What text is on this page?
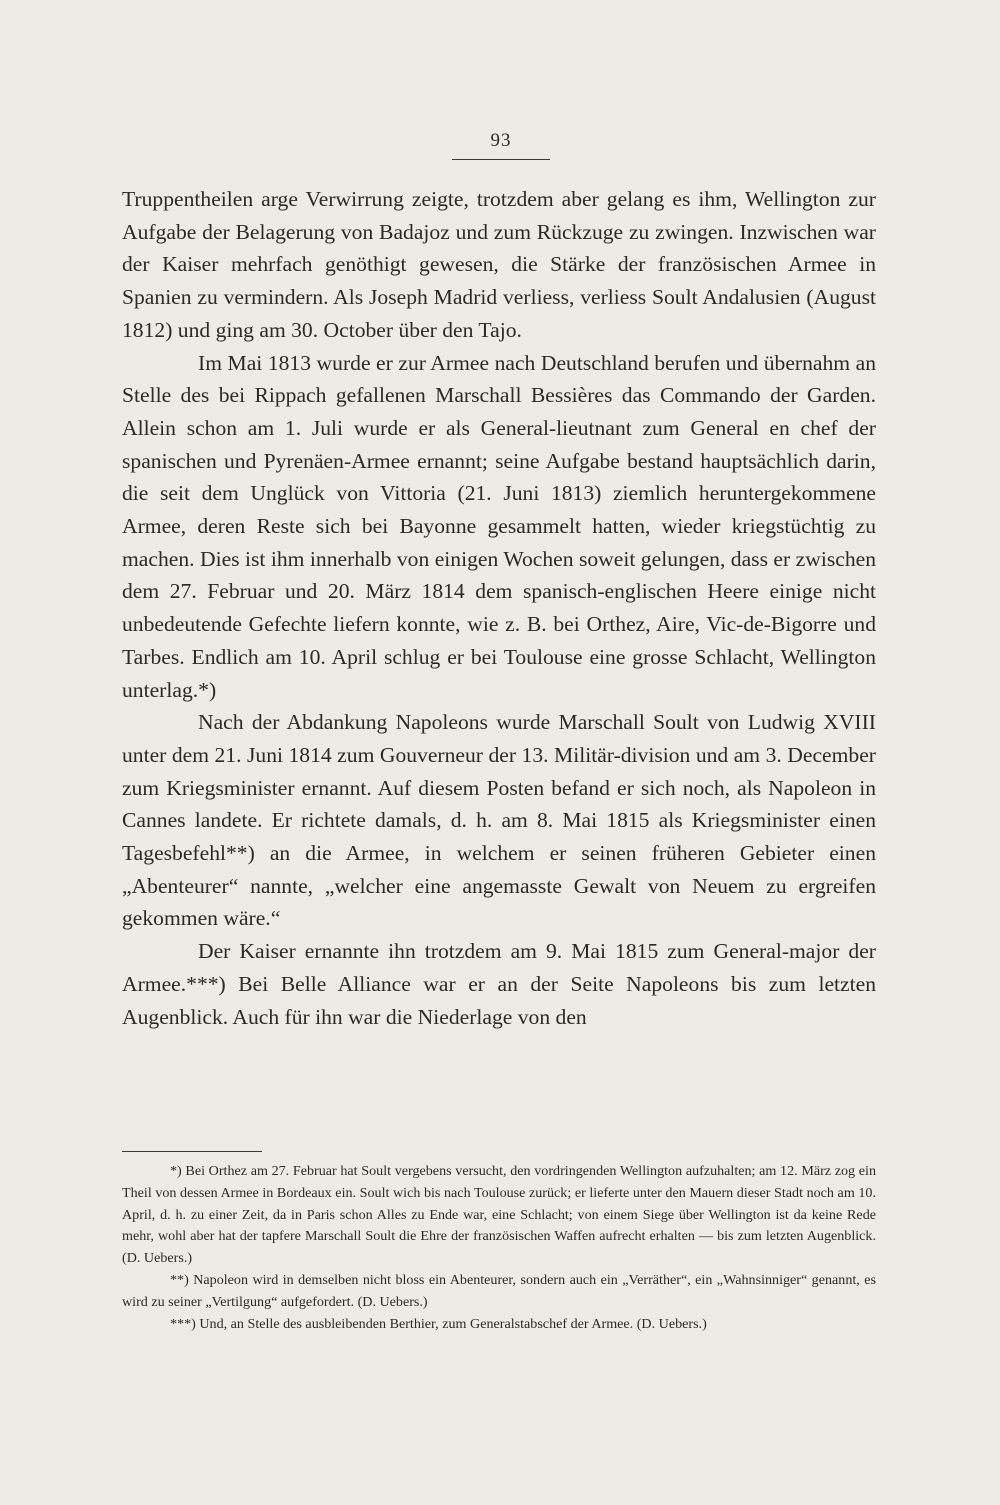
93

Truppentheilen arge Verwirrung zeigte, trotzdem aber gelang es ihm, Wellington zur Aufgabe der Belagerung von Badajoz und zum Rückzuge zu zwingen. Inzwischen war der Kaiser mehrfach genöthigt gewesen, die Stärke der französischen Armee in Spanien zu vermindern. Als Joseph Madrid verliess, verliess Soult Andalusien (August 1812) und ging am 30. October über den Tajo.

Im Mai 1813 wurde er zur Armee nach Deutschland berufen und übernahm an Stelle des bei Rippach gefallenen Marschall Bessières das Commando der Garden. Allein schon am 1. Juli wurde er als General-lieutnant zum General en chef der spanischen und Pyrenäen-Armee ernannt; seine Aufgabe bestand hauptsächlich darin, die seit dem Unglück von Vittoria (21. Juni 1813) ziemlich heruntergekommene Armee, deren Reste sich bei Bayonne gesammelt hatten, wieder kriegstüchtig zu machen. Dies ist ihm innerhalb von einigen Wochen soweit gelungen, dass er zwischen dem 27. Februar und 20. März 1814 dem spanisch-englischen Heere einige nicht unbedeutende Gefechte liefern konnte, wie z. B. bei Orthez, Aire, Vic-de-Bigorre und Tarbes. Endlich am 10. April schlug er bei Toulouse eine grosse Schlacht, Wellington unterlag.*)

Nach der Abdankung Napoleons wurde Marschall Soult von Ludwig XVIII unter dem 21. Juni 1814 zum Gouverneur der 13. Militär-division und am 3. December zum Kriegsminister ernannt. Auf diesem Posten befand er sich noch, als Napoleon in Cannes landete. Er richtete damals, d. h. am 8. Mai 1815 als Kriegsminister einen Tagesbefehl**) an die Armee, in welchem er seinen früheren Gebieter einen „Abenteurer“ nannte, „welcher eine angemasste Gewalt von Neuem zu ergreifen gekommen wäre.“

Der Kaiser ernannte ihn trotzdem am 9. Mai 1815 zum General-major der Armee.***) Bei Belle Alliance war er an der Seite Napoleons bis zum letzten Augenblick. Auch für ihn war die Niederlage von den

*) Bei Orthez am 27. Februar hat Soult vergebens versucht, den vordringenden Wellington aufzuhalten; am 12. März zog ein Theil von dessen Armee in Bordeaux ein. Soult wich bis nach Toulouse zurück; er lieferte unter den Mauern dieser Stadt noch am 10. April, d. h. zu einer Zeit, da in Paris schon Alles zu Ende war, eine Schlacht; von einem Siege über Wellington ist da keine Rede mehr, wohl aber hat der tapfere Marschall Soult die Ehre der französischen Waffen aufrecht erhalten — bis zum letzten Augenblick. (D. Uebers.)

**) Napoleon wird in demselben nicht bloss ein Abenteurer, sondern auch ein „Verräther“, ein „Wahnsinniger“ genannt, es wird zu seiner „Vertilgung“ aufgefordert. (D. Uebers.)

***) Und, an Stelle des ausbleibenden Berthier, zum Generalstabschef der Armee. (D. Uebers.)
